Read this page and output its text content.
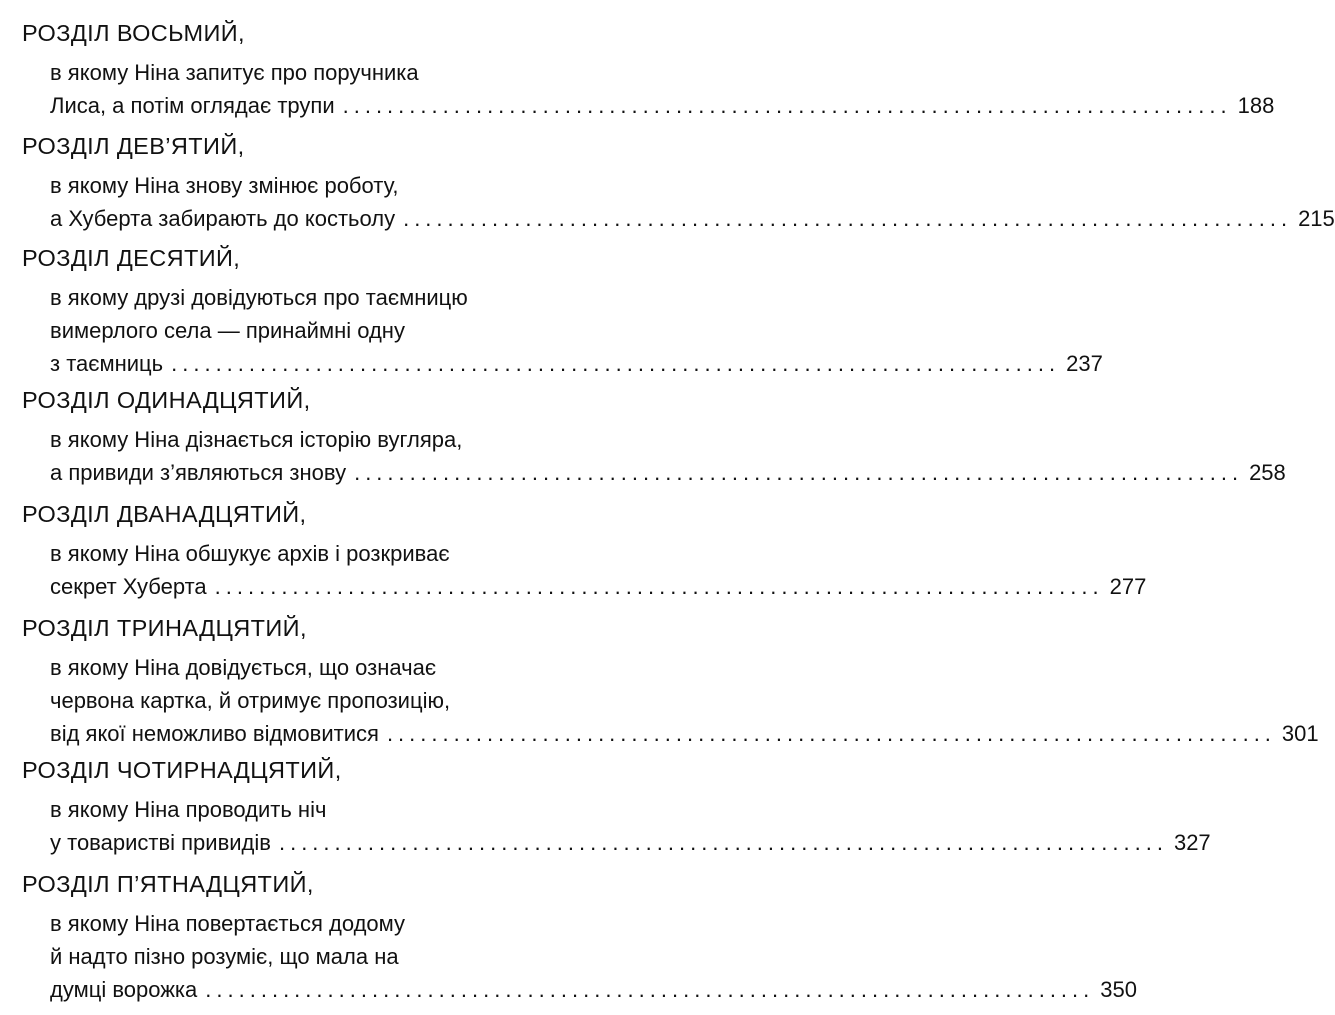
РОЗДІЛ ВОСЬМИЙ,
в якому Ніна запитує про поручника
Лиса, а потім оглядає трупи ................................................................................ 188
РОЗДІЛ ДЕВ’ЯТИЙ,
в якому Ніна знову змінює роботу,
а Хуберта забирають до костьолу ................................................................................ 215
РОЗДІЛ ДЕСЯТИЙ,
в якому друзі довідуються про таємницю
вимерлого села — принаймні одну
з таємниць ................................................................................ 237
РОЗДІЛ ОДИНАДЦЯТИЙ,
в якому Ніна дізнається історію вугляра,
а привиди з’являються знову ................................................................................ 258
РОЗДІЛ ДВАНАДЦЯТИЙ,
в якому Ніна обшукує архів і розкриває
секрет Хуберта ................................................................................ 277
РОЗДІЛ ТРИНАДЦЯТИЙ,
в якому Ніна довідується, що означає
червона картка, й отримує пропозицію,
від якої неможливо відмовитися ................................................................................ 301
РОЗДІЛ ЧОТИРНАДЦЯТИЙ,
в якому Ніна проводить ніч
у товаристві привидів ................................................................................ 327
РОЗДІЛ П’ЯТНАДЦЯТИЙ,
в якому Ніна повертається додому
й надто пізно розуміє, що мала на
думці ворожка ................................................................................ 350
